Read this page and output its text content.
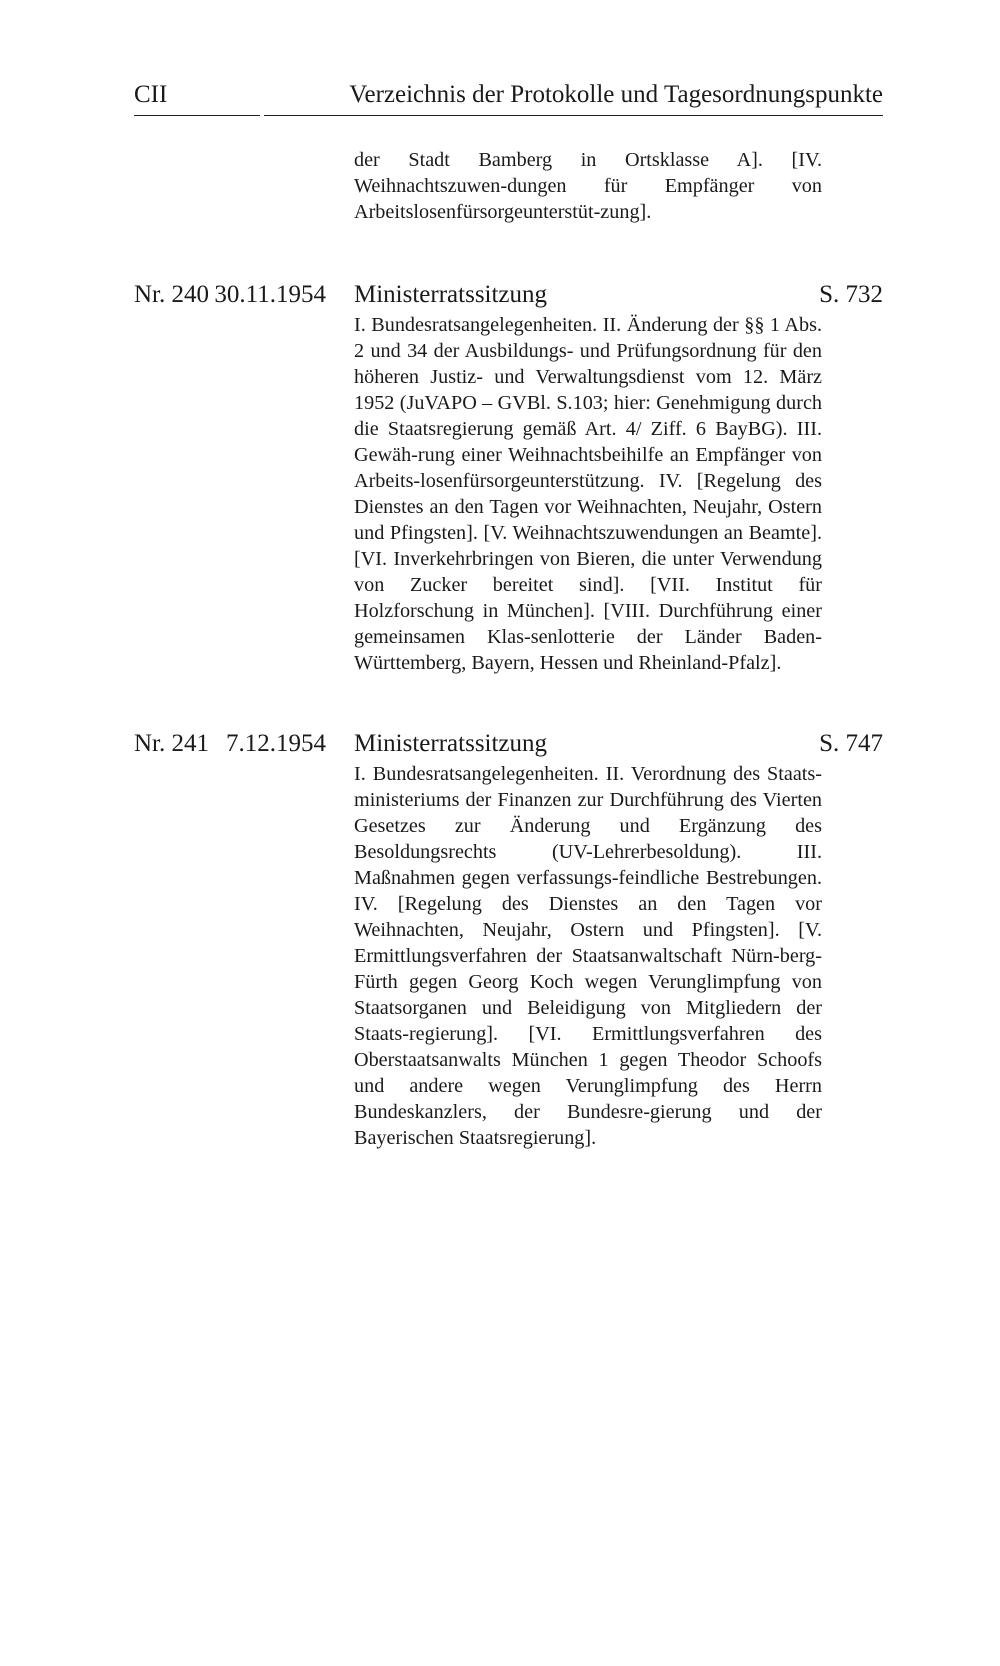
CII	Verzeichnis der Protokolle und Tagesordnungspunkte
der Stadt Bamberg in Ortsklasse A]. [IV. Weihnachtszuwen-dungen für Empfänger von Arbeitslosenfürsorgeunterstüt-zung].
Nr. 240 30.11.1954 Ministerratssitzung	S. 732
I. Bundesratsangelegenheiten. II. Änderung der §§ 1 Abs. 2 und 34 der Ausbildungs- und Prüfungsordnung für den höheren Justiz- und Verwaltungsdienst vom 12. März 1952 (JuVAPO – GVBl. S.103; hier: Genehmigung durch die Staatsregierung gemäß Art. 4/ Ziff. 6 BayBG). III. Gewäh-rung einer Weihnachtsbeihilfe an Empfänger von Arbeits-losenfürsorgeunterstützung. IV. [Regelung des Dienstes an den Tagen vor Weihnachten, Neujahr, Ostern und Pfingsten]. [V. Weihnachtszuwendungen an Beamte]. [VI. Inverkehrbringen von Bieren, die unter Verwendung von Zucker bereitet sind]. [VII. Institut für Holzforschung in München]. [VIII. Durchführung einer gemeinsamen Klas-senlotterie der Länder Baden-Württemberg, Bayern, Hessen und Rheinland-Pfalz].
Nr. 241 7.12.1954 Ministerratssitzung	S. 747
I. Bundesratsangelegenheiten. II. Verordnung des Staats-ministeriums der Finanzen zur Durchführung des Vierten Gesetzes zur Änderung und Ergänzung des Besoldungsrechts (UV-Lehrerbesoldung). III. Maßnahmen gegen verfassungs-feindliche Bestrebungen. IV. [Regelung des Dienstes an den Tagen vor Weihnachten, Neujahr, Ostern und Pfingsten]. [V. Ermittlungsverfahren der Staatsanwaltschaft Nürn-berg-Fürth gegen Georg Koch wegen Verunglimpfung von Staatsorganen und Beleidigung von Mitgliedern der Staats-regierung]. [VI. Ermittlungsverfahren des Oberstaatsanwalts München 1 gegen Theodor Schoofs und andere wegen Verunglimpfung des Herrn Bundeskanzlers, der Bundesre-gierung und der Bayerischen Staatsregierung].
